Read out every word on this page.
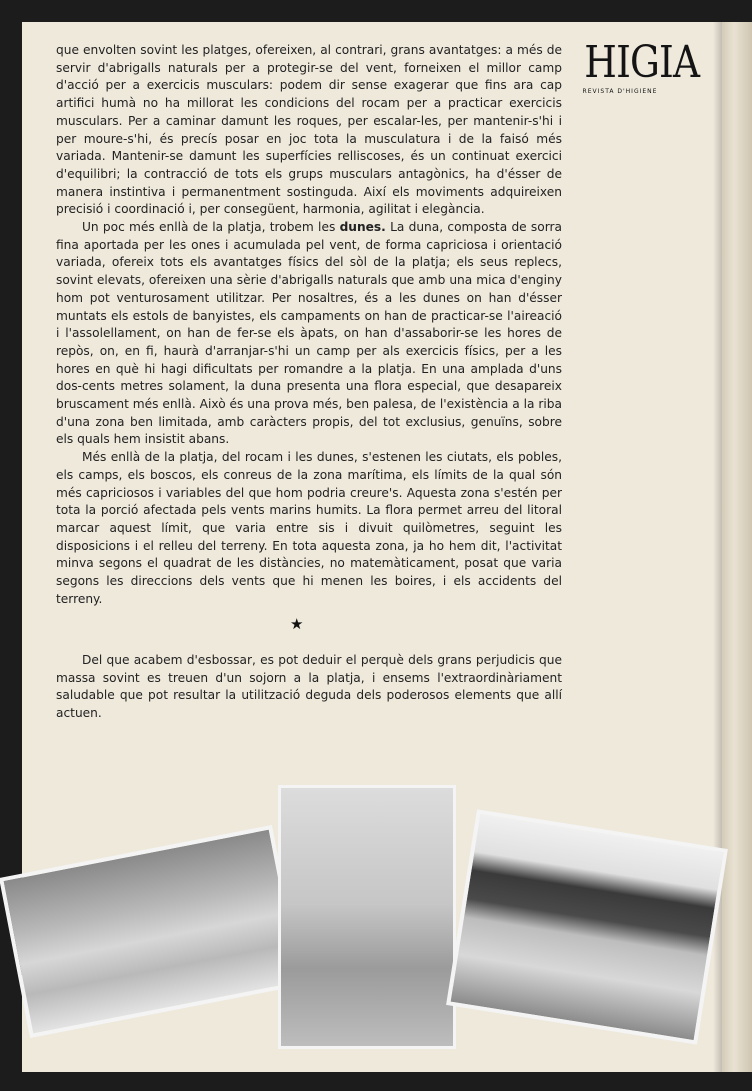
HIGIA
REVISTA D'HIGIENE

que envolten sovint les platges, ofereixen, al contrari, grans avantatges: a més de servir d'abrigalls naturals per a protegir-se del vent, forneixen el millor camp d'acció per a exercicis musculars: podem dir sense exagerar que fins ara cap artifici humà no ha millorat les condicions del rocam per a practicar exercicis musculars. Per a caminar damunt les roques, per escalar-les, per mantenir-s'hi i per moure-s'hi, és precís posar en joc tota la musculatura i de la faisó més variada. Mantenir-se damunt les superfícies relliscoses, és un continuat exercici d'equilibri; la contracció de tots els grups musculars antagònics, ha d'ésser de manera instintiva i permanentment sostinguda. Així els moviments adquireixen precisió i coordinació i, per consegüent, harmonia, agilitat i elegància.

Un poc més enllà de la platja, trobem les dunes. La duna, composta de sorra fina aportada per les ones i acumulada pel vent, de forma capriciosa i orientació variada, ofereix tots els avantatges físics del sòl de la platja; els seus replecs, sovint elevats, ofereixen una sèrie d'abrigalls naturals que amb una mica d'enginy hom pot venturosament utilitzar. Per nosaltres, és a les dunes on han d'ésser muntats els estols de banyistes, els campaments on han de practicar-se l'aireació i l'assolellament, on han de fer-se els àpats, on han d'assaborir-se les hores de repòs, on, en fi, haurà d'arranjar-s'hi un camp per als exercicis físics, per a les hores en què hi hagi dificultats per romandre a la platja. En una amplada d'uns dos-cents metres solament, la duna presenta una flora especial, que desapareix bruscament més enllà. Això és una prova més, ben palesa, de l'existència a la riba d'una zona ben limitada, amb caràcters propis, del tot exclusius, genuïns, sobre els quals hem insistit abans.

Més enllà de la platja, del rocam i les dunes, s'estenen les ciutats, els pobles, els camps, els boscos, els conreus de la zona marítima, els límits de la qual són més capriciosos i variables del que hom podria creure's. Aquesta zona s'estén per tota la porció afectada pels vents marins humits. La flora permet arreu del litoral marcar aquest límit, que varia entre sis i divuit quilòmetres, seguint les disposicions i el relleu del terreny. En tota aquesta zona, ja ho hem dit, l'activitat minva segons el quadrat de les distàncies, no matemàticament, posat que varia segons les direccions dels vents que hi menen les boires, i els accidents del terreny.

★
Del que acabem d'esbossar, es pot deduir el perquè dels grans perjudicis que massa sovint es treuen d'un sojorn a la platja, i ensems l'extraordinàriament saludable que pot resultar la utilització deguda dels poderosos elements que allí actuen.
